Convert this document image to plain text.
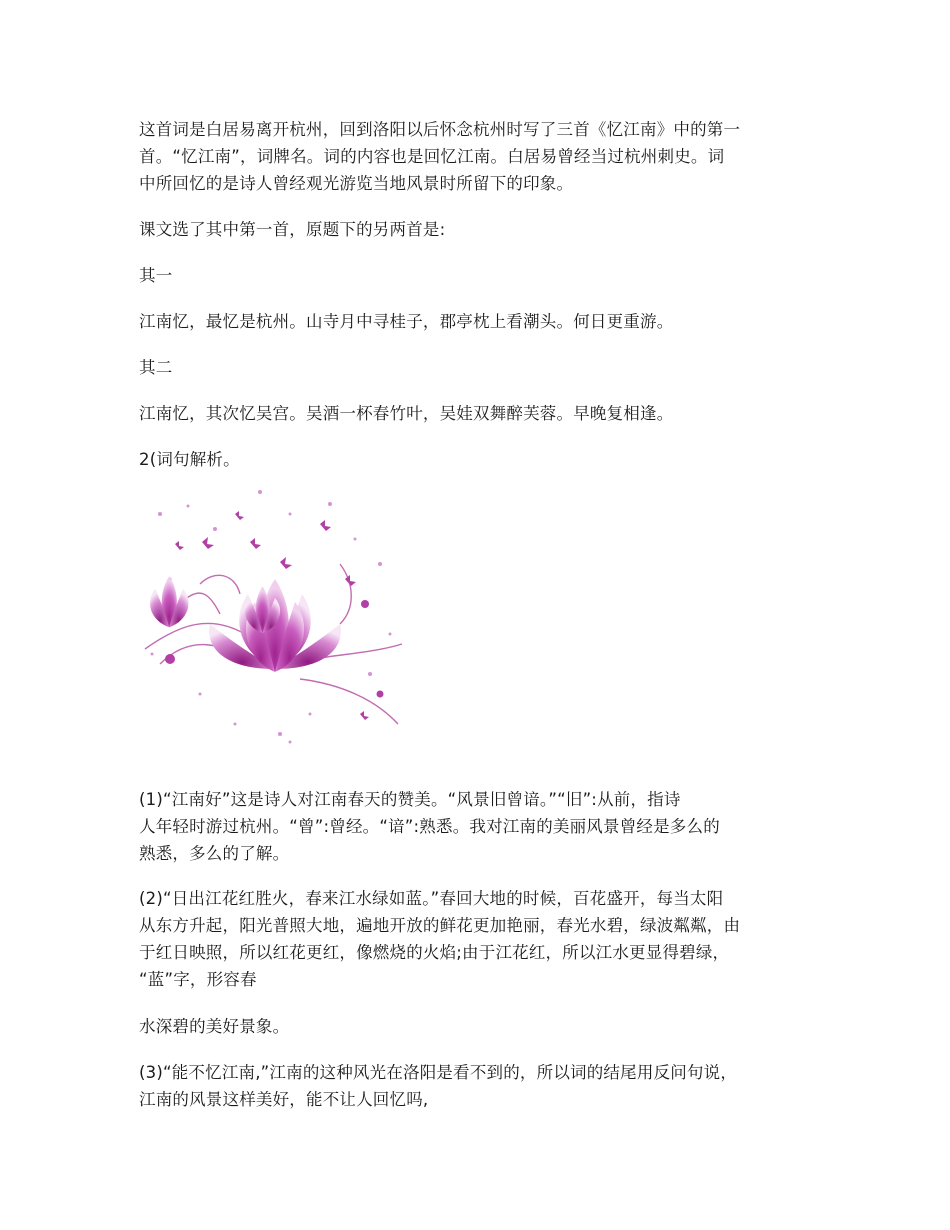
这首词是白居易离开杭州，回到洛阳以后怀念杭州时写了三首《忆江南》中的第一
首。“忆江南”，词牌名。词的内容也是回忆江南。白居易曾经当过杭州刺史。词
中所回忆的是诗人曾经观光游览当地风景时所留下的印象。

课文选了其中第一首，原题下的另两首是:

其一

江南忆，最忆是杭州。山寺月中寻桂子，郡亭枕上看潮头。何日更重游。

其二

江南忆，其次忆吴宫。吴酒一杯春竹叶，吴娃双舞醉芙蓉。早晚复相逢。

2(词句解析。

(1)“江南好”这是诗人对江南春天的赞美。“风景旧曾谙。”“旧”:从前，指诗
人年轻时游过杭州。“曾”:曾经。“谙”:熟悉。我对江南的美丽风景曾经是多么的
熟悉，多么的了解。

(2)“日出江花红胜火，春来江水绿如蓝。”春回大地的时候，百花盛开，每当太阳
从东方升起，阳光普照大地，遍地开放的鲜花更加艳丽，春光水碧，绿波粼粼，由
于红日映照，所以红花更红，像燃烧的火焰;由于江花红，所以江水更显得碧绿，
“蓝”字，形容春

水深碧的美好景象。

(3)“能不忆江南,”江南的这种风光在洛阳是看不到的，所以词的结尾用反问句说，
江南的风景这样美好，能不让人回忆吗,
